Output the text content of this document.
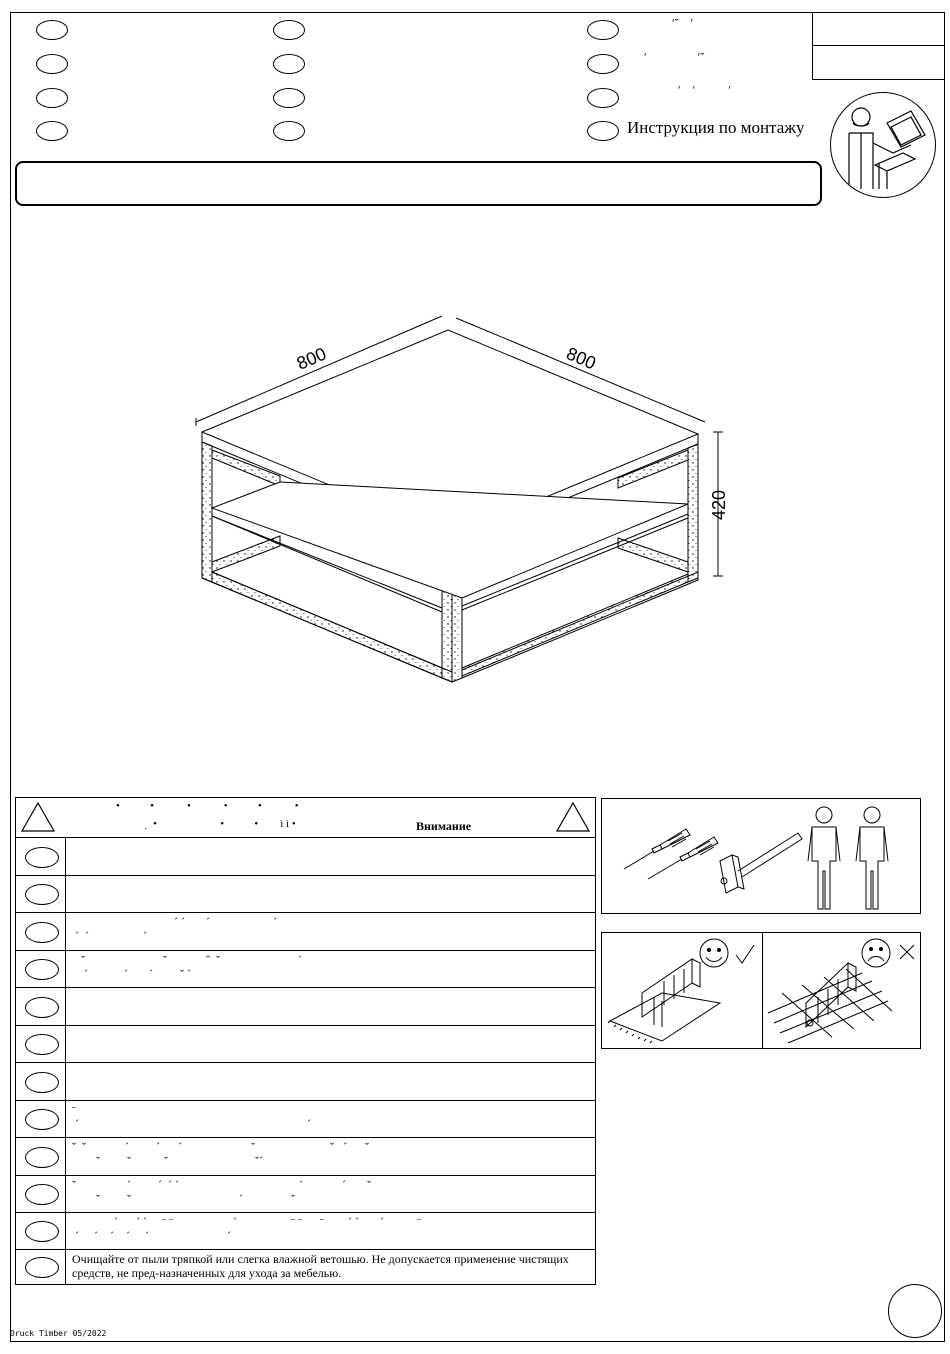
ʹˇ    ʹ
ʹ                 ʹˇ
ʹ    ʹ           ʹ
Инструкция по монтажу
800	800
420
•           •            •            •           •            •
ˏ  •                       •           •        ì ì •	Внимание
ˊ ˊ       ˊ                     ˊ
ˊ  ˊ                  ˊ
ˇ                          ˇ             ˝  ˇ                          ˊ
ˊ            ˊ       ˊ         ˇ ˊ
¨
ˊ                                                                            ˊ
ˇ  ˇ             ˊ         ˊ      ˊ                       ˇ                         ˇ   ˊ      ˇ
ˇ         ˇ           ˇ                             ˇˊ
ˇ                 ˊ         ˊ  ˊ ˊ                                        ˊ             ˊ       ˇ
ˇ         ˇ                                    ˊ                ˇ
ˊ      ˊ ˊ     ¨ ¨                    ˊ                  ¨ ¨      ¨        ˊ ˊ       ˊ           ¨
ˊ     ˊ    ˊ    ˊ     ˊ                          ˊ
Очищайте от пыли тряпкой или слегка влажной ветошью. Не допускается применение чистящих средств, не пред-назначенных для ухода за мебелью.
Druck Timber 05/2022
